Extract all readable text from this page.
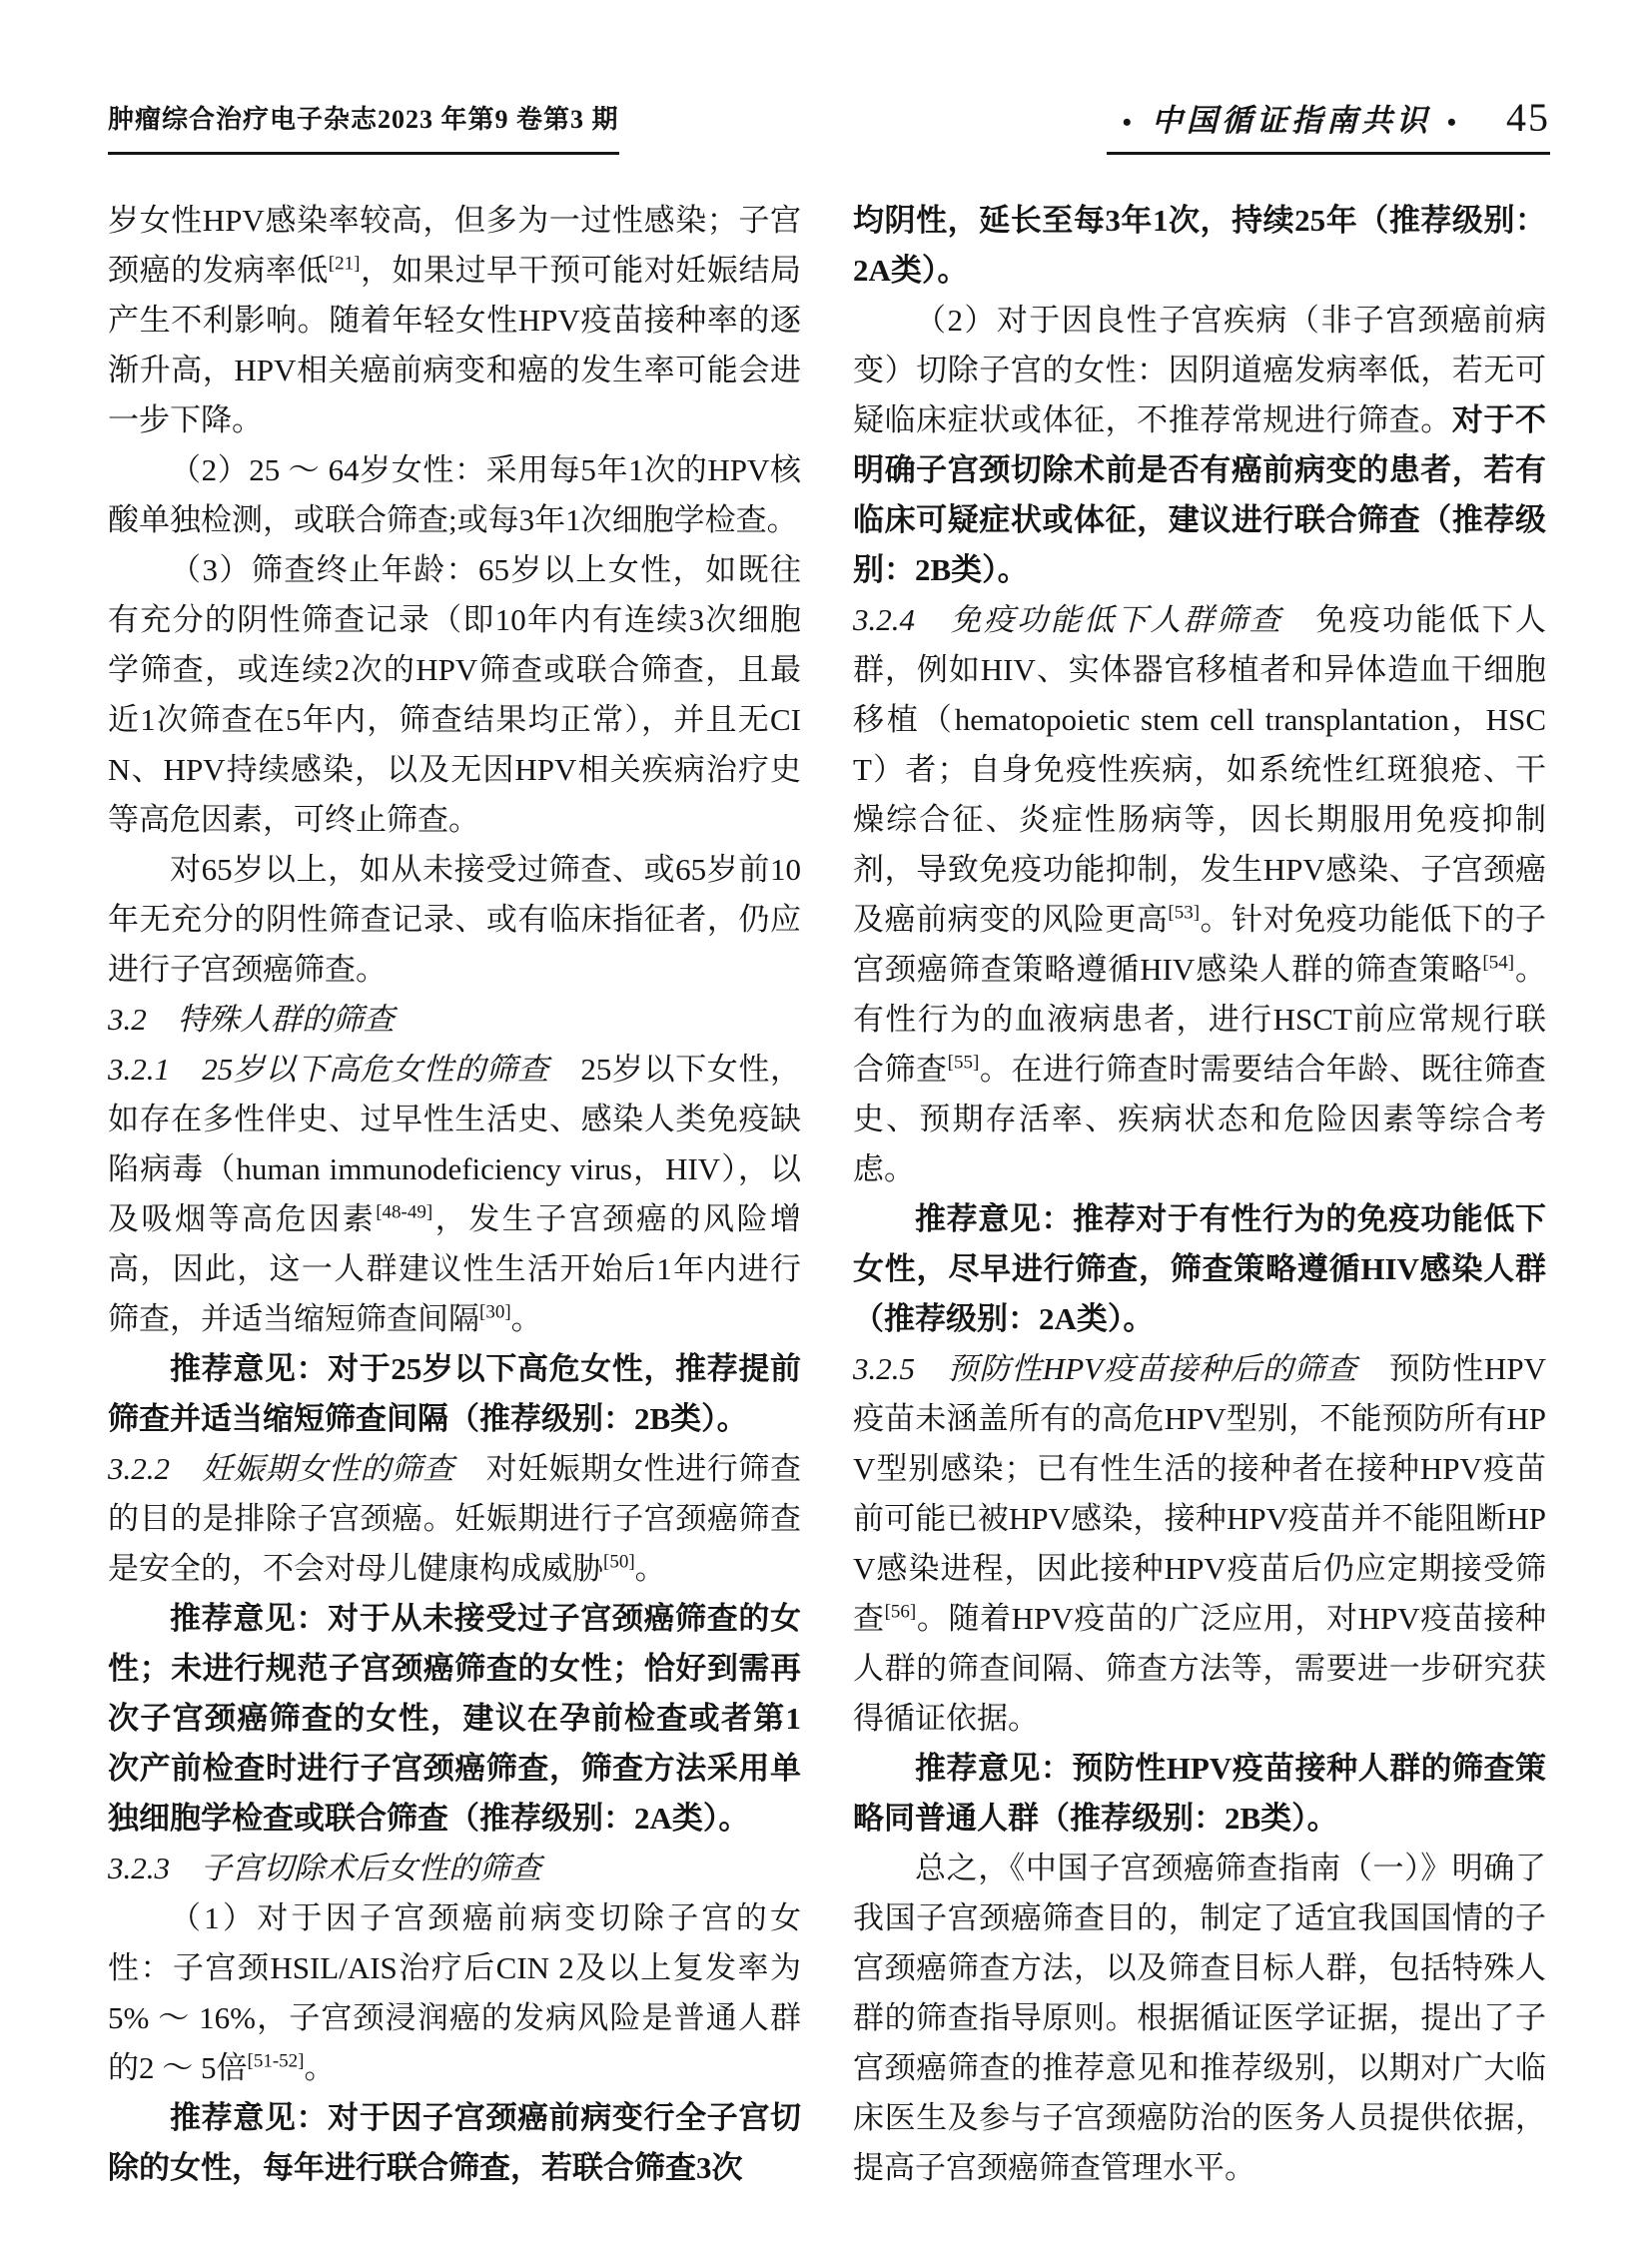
肿瘤综合治疗电子杂志2023 年第9 卷第3 期	• 中国循证指南共识 •	45

岁女性HPV感染率较高，但多为一过性感染；子宫颈癌的发病率低[21]，如果过早干预可能对妊娠结局产生不利影响。随着年轻女性HPV疫苗接种率的逐渐升高，HPV相关癌前病变和癌的发生率可能会进一步下降。

（2）25 ～ 64岁女性：采用每5年1次的HPV核酸单独检测，或联合筛查;或每3年1次细胞学检查。

（3）筛查终止年龄：65岁以上女性，如既往有充分的阴性筛查记录（即10年内有连续3次细胞学筛查，或连续2次的HPV筛查或联合筛查，且最近1次筛查在5年内，筛查结果均正常），并且无CIN、HPV持续感染，以及无因HPV相关疾病治疗史等高危因素，可终止筛查。

对65岁以上，如从未接受过筛查、或65岁前10年无充分的阴性筛查记录、或有临床指征者，仍应进行子宫颈癌筛查。

3.2　特殊人群的筛查

3.2.1　25岁以下高危女性的筛查　25岁以下女性，如存在多性伴史、过早性生活史、感染人类免疫缺陷病毒（human immunodeficiency virus，HIV），以及吸烟等高危因素[48-49]，发生子宫颈癌的风险增高，因此，这一人群建议性生活开始后1年内进行筛查，并适当缩短筛查间隔[30]。

推荐意见：对于25岁以下高危女性，推荐提前筛查并适当缩短筛查间隔（推荐级别：2B类）。

3.2.2　妊娠期女性的筛查　对妊娠期女性进行筛查的目的是排除子宫颈癌。妊娠期进行子宫颈癌筛查是安全的，不会对母儿健康构成威胁[50]。

推荐意见：对于从未接受过子宫颈癌筛查的女性；未进行规范子宫颈癌筛查的女性；恰好到需再次子宫颈癌筛查的女性，建议在孕前检查或者第1次产前检查时进行子宫颈癌筛查，筛查方法采用单独细胞学检查或联合筛查（推荐级别：2A类）。

3.2.3　子宫切除术后女性的筛查

（1）对于因子宫颈癌前病变切除子宫的女性：子宫颈HSIL/AIS治疗后CIN 2及以上复发率为5% ～ 16%，子宫颈浸润癌的发病风险是普通人群的2 ～ 5倍[51-52]。

推荐意见：对于因子宫颈癌前病变行全子宫切除的女性，每年进行联合筛查，若联合筛查3次

均阴性，延长至每3年1次，持续25年（推荐级别：2A类）。

（2）对于因良性子宫疾病（非子宫颈癌前病变）切除子宫的女性：因阴道癌发病率低，若无可疑临床症状或体征，不推荐常规进行筛查。对于不明确子宫颈切除术前是否有癌前病变的患者，若有临床可疑症状或体征，建议进行联合筛查（推荐级别：2B类）。

3.2.4　免疫功能低下人群筛查　免疫功能低下人群，例如HIV、实体器官移植者和异体造血干细胞移植（hematopoietic stem cell transplantation，HSCT）者；自身免疫性疾病，如系统性红斑狼疮、干燥综合征、炎症性肠病等，因长期服用免疫抑制剂，导致免疫功能抑制，发生HPV感染、子宫颈癌及癌前病变的风险更高[53]。针对免疫功能低下的子宫颈癌筛查策略遵循HIV感染人群的筛查策略[54]。有性行为的血液病患者，进行HSCT前应常规行联合筛查[55]。在进行筛查时需要结合年龄、既往筛查史、预期存活率、疾病状态和危险因素等综合考虑。

推荐意见：推荐对于有性行为的免疫功能低下女性，尽早进行筛查，筛查策略遵循HIV感染人群（推荐级别：2A类）。

3.2.5　预防性HPV疫苗接种后的筛查　预防性HPV疫苗未涵盖所有的高危HPV型别，不能预防所有HPV型别感染；已有性生活的接种者在接种HPV疫苗前可能已被HPV感染，接种HPV疫苗并不能阻断HPV感染进程，因此接种HPV疫苗后仍应定期接受筛查[56]。随着HPV疫苗的广泛应用，对HPV疫苗接种人群的筛查间隔、筛查方法等，需要进一步研究获得循证依据。

推荐意见：预防性HPV疫苗接种人群的筛查策略同普通人群（推荐级别：2B类）。

总之，《中国子宫颈癌筛查指南（一）》明确了我国子宫颈癌筛查目的，制定了适宜我国国情的子宫颈癌筛查方法，以及筛查目标人群，包括特殊人群的筛查指导原则。根据循证医学证据，提出了子宫颈癌筛查的推荐意见和推荐级别，以期对广大临床医生及参与子宫颈癌防治的医务人员提供依据，提高子宫颈癌筛查管理水平。
